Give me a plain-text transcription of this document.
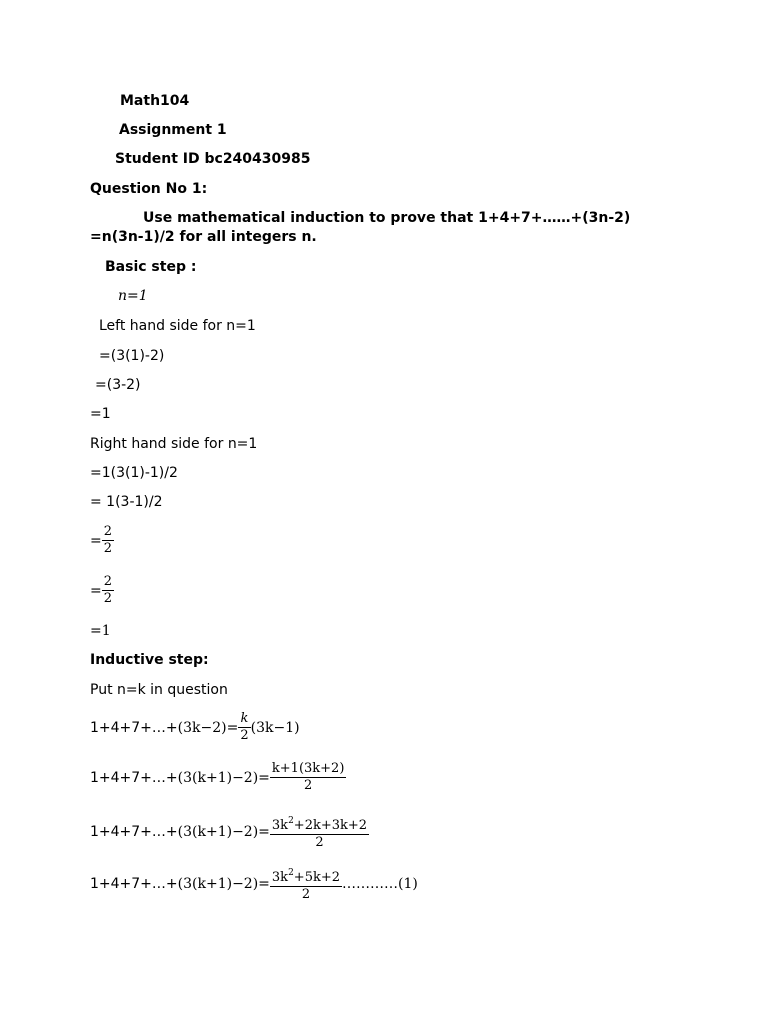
Math104
Assignment 1
Student ID bc240430985
Question No 1:
Use mathematical induction to prove that 1+4+7+……+(3n-2)
=n(3n-1)/2 for all integers n.
Basic step :
n=1
Left hand side for n=1
=(3(1)-2)
=(3-2)
=1
Right hand side for n=1
=1(3(1)-1)/2
= 1(3-1)/2
= $\frac{2}{2}$
= $\frac{2}{2}$
=1
Inductive step:
Put n=k in question
1+4+7+…+ $(3k-2) = \frac{k}{2} (3k-1)$
1+4+7+…+ $(3(k+1)-2) = \frac{k+1(3k+2)}{2}$
1+4+7+…+ $(3(k+1)-2) = \frac{3k^2+2k+3k+2}{2}$
1+4+7+…+ $(3(k+1)-2) = \frac{3k^2+5k+2}{2}$ ………… (1)
